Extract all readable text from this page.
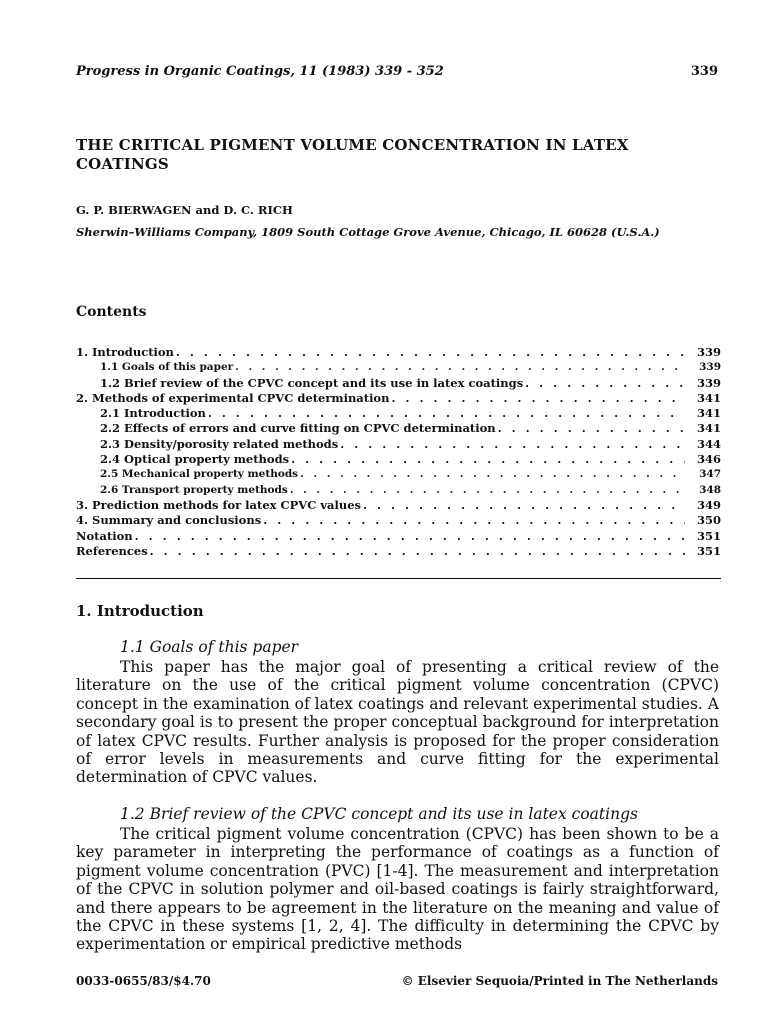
Progress in Organic Coatings, 11 (1983) 339 - 352	339
THE CRITICAL PIGMENT VOLUME CONCENTRATION IN LATEX COATINGS
G. P. BIERWAGEN and D. C. RICH
Sherwin–Williams Company, 1809 South Cottage Grove Avenue, Chicago, IL 60628 (U.S.A.)
Contents
1. Introduction . . .	339
1.1 Goals of this paper . . .	339
1.2 Brief review of the CPVC concept and its use in latex coatings . . .	339
2. Methods of experimental CPVC determination . . .	341
2.1 Introduction . . .	341
2.2 Effects of errors and curve fitting on CPVC determination . . .	341
2.3 Density/porosity related methods . . .	344
2.4 Optical property methods . . .	346
2.5 Mechanical property methods . . .	347
2.6 Transport property methods . . .	348
3. Prediction methods for latex CPVC values . . .	349
4. Summary and conclusions . . .	350
Notation . . .	351
References . . .	351
1. Introduction
1.1 Goals of this paper
This paper has the major goal of presenting a critical review of the literature on the use of the critical pigment volume concentration (CPVC) concept in the examination of latex coatings and relevant experimental studies. A secondary goal is to present the proper conceptual background for interpretation of latex CPVC results. Further analysis is proposed for the proper consideration of error levels in measurements and curve fitting for the experimental determination of CPVC values.
1.2 Brief review of the CPVC concept and its use in latex coatings
The critical pigment volume concentration (CPVC) has been shown to be a key parameter in interpreting the performance of coatings as a function of pigment volume concentration (PVC) [1-4]. The measurement and interpretation of the CPVC in solution polymer and oil-based coatings is fairly straightforward, and there appears to be agreement in the literature on the meaning and value of the CPVC in these systems [1, 2, 4]. The difficulty in determining the CPVC by experimentation or empirical predictive methods
0033-0655/83/$4.70	© Elsevier Sequoia/Printed in The Netherlands
